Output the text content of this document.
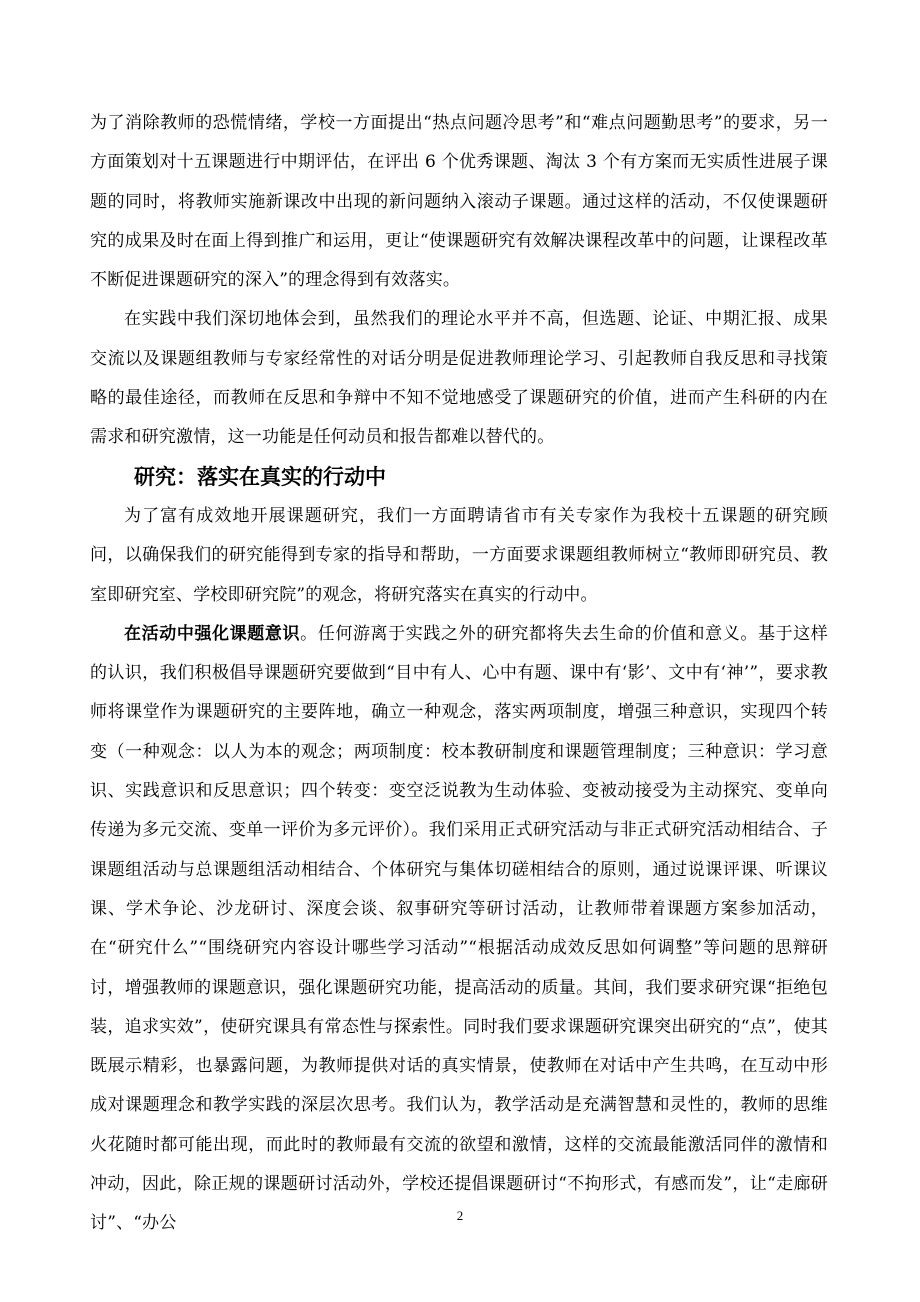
为了消除教师的恐慌情绪，学校一方面提出“热点问题冷思考”和“难点问题勤思考”的要求，另一方面策划对十五课题进行中期评估，在评出 6 个优秀课题、淘汰 3 个有方案而无实质性进展子课题的同时，将教师实施新课改中出现的新问题纳入滚动子课题。通过这样的活动，不仅使课题研究的成果及时在面上得到推广和运用，更让“使课题研究有效解决课程改革中的问题，让课程改革不断促进课题研究的深入”的理念得到有效落实。

在实践中我们深切地体会到，虽然我们的理论水平并不高，但选题、论证、中期汇报、成果交流以及课题组教师与专家经常性的对话分明是促进教师理论学习、引起教师自我反思和寻找策略的最佳途径，而教师在反思和争辩中不知不觉地感受了课题研究的价值，进而产生科研的内在需求和研究激情，这一功能是任何动员和报告都难以替代的。

研究：落实在真实的行动中

为了富有成效地开展课题研究，我们一方面聘请省市有关专家作为我校十五课题的研究顾问，以确保我们的研究能得到专家的指导和帮助，一方面要求课题组教师树立“教师即研究员、教室即研究室、学校即研究院”的观念，将研究落实在真实的行动中。

在活动中强化课题意识。任何游离于实践之外的研究都将失去生命的价值和意义。基于这样的认识，我们积极倡导课题研究要做到“目中有人、心中有题、课中有‘影’、文中有‘神’”，要求教师将课堂作为课题研究的主要阵地，确立一种观念，落实两项制度，增强三种意识，实现四个转变（一种观念：以人为本的观念；两项制度：校本教研制度和课题管理制度；三种意识：学习意识、实践意识和反思意识；四个转变：变空泛说教为生动体验、变被动接受为主动探究、变单向传递为多元交流、变单一评价为多元评价）。我们采用正式研究活动与非正式研究活动相结合、子课题组活动与总课题组活动相结合、个体研究与集体切磋相结合的原则，通过说课评课、听课议课、学术争论、沙龙研讨、深度会谈、叙事研究等研讨活动，让教师带着课题方案参加活动，在“研究什么”“围绕研究内容设计哪些学习活动”“根据活动成效反思如何调整”等问题的思辩研讨，增强教师的课题意识，强化课题研究功能，提高活动的质量。其间，我们要求研究课“拒绝包装，追求实效”，使研究课具有常态性与探索性。同时我们要求课题研究课突出研究的“点”，使其既展示精彩，也暴露问题，为教师提供对话的真实情景，使教师在对话中产生共鸣，在互动中形成对课题理念和教学实践的深层次思考。我们认为，教学活动是充满智慧和灵性的，教师的思维火花随时都可能出现，而此时的教师最有交流的欲望和激情，这样的交流最能激活同伴的激情和冲动，因此，除正规的课题研讨活动外，学校还提倡课题研讨“不拘形式，有感而发”，让“走廊研讨”、“办公	2
